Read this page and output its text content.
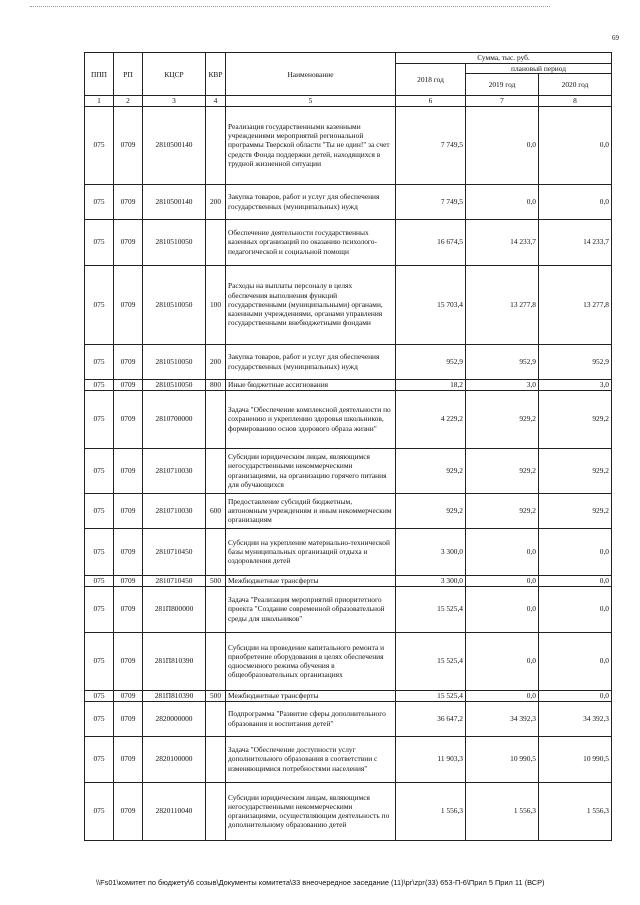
69
ППП	РП	КЦСР	КВР	Наименование	Сумма, тыс. руб.		
					2018 год	плановый период	
						2019 год	2020 год
1	2	3	4	5	6	7	8
075	0709	2810500140		Реализация государственными казенными учреждениями мероприятий региональной программы Тверской области "Ты не один!" за счет средств Фонда поддержки детей, находящихся в трудной жизненной ситуации	7 749,5	0,0	0,0
075	0709	2810500140	200	Закупка товаров, работ и услуг для обеспечения государственных (муниципальных) нужд	7 749,5	0,0	0,0
075	0709	2810510050		Обеспечение деятельности государственных казенных организаций по оказанию психолого-педагогической и социальной помощи	16 674,5	14 233,7	14 233,7
075	0709	2810510050	100	Расходы на выплаты персоналу в целях обеспечения выполнения функций государственными (муниципальными) органами, казенными учреждениями, органами управления государственными внебюджетными фондами	15 703,4	13 277,8	13 277,8
075	0709	2810510050	200	Закупка товаров, работ и услуг для обеспечения государственных (муниципальных) нужд	952,9	952,9	952,9
075	0709	2810510050	800	Иные бюджетные ассигнования	18,2	3,0	3,0
075	0709	2810700000		Задача "Обеспечение комплексной деятельности по сохранению и укреплению здоровья школьников, формированию основ здорового образа жизни"	4 229,2	929,2	929,2
075	0709	2810710030		Субсидии юридическим лицам, являющимся негосударственными некоммерческими организациями, на организацию горячего питания для обучающихся	929,2	929,2	929,2
075	0709	2810710030	600	Предоставление субсидий бюджетным, автономным учреждениям и иным некоммерческим организациям	929,2	929,2	929,2
075	0709	2810710450		Субсидии на укрепление материально-технической базы муниципальных организаций отдыха и оздоровления детей	3 300,0	0,0	0,0
075	0709	2810710450	500	Межбюджетные трансферты	3 300,0	0,0	0,0
075	0709	281П800000		Задача "Реализация мероприятий приоритетного проекта "Создание современной образовательной среды для школьников"	15 525,4	0,0	0,0
075	0709	281П810390		Субсидии на проведение капитального ремонта и приобретение оборудования в целях обеспечения односменного режима обучения в общеобразовательных организациях	15 525,4	0,0	0,0
075	0709	281П810390	500	Межбюджетные трансферты	15 525,4	0,0	0,0
075	0709	2820000000		Подпрограмма "Развитие сферы дополнительного образования и воспитания детей"	36 647,2	34 392,3	34 392,3
075	0709	2820100000		Задача "Обеспечение доступности услуг дополнительного образования в соответствии с изменяющимися потребностями населения"	11 903,3	10 990,5	10 990,5
075	0709	2820110040		Субсидии юридическим лицам, являющимся негосударственными некоммерческими организациями, осуществляющим деятельность по дополнительному образованию детей	1 556,3	1 556,3	1 556,3
\\Fs01\комитет по бюджету\6 созыв\Документы комитета\33 внеочередное заседание (11)\рг\zрг(33) 653-П-6\Прил 5 Прил 11 (ВСР)
